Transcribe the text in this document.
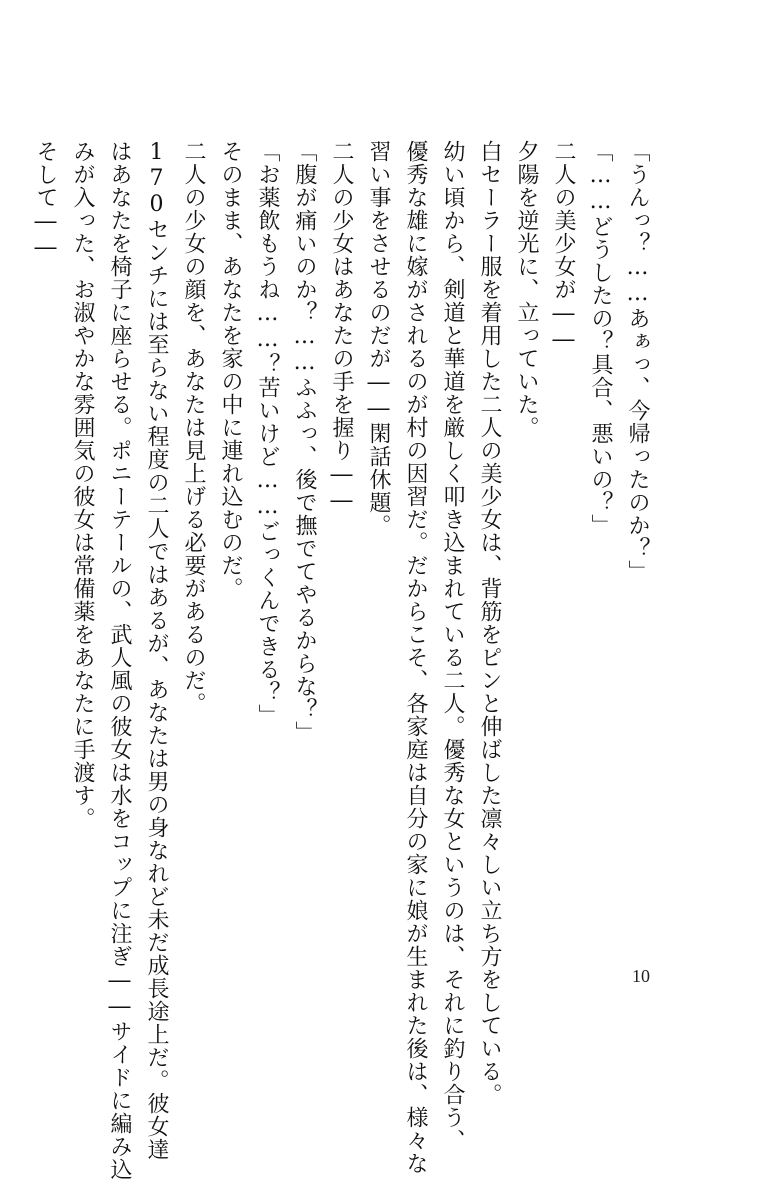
「うんっ？……あぁっ、今帰ったのか？」
「……どうしたの？具合、悪いの？」
二人の美少女が――
夕陽を逆光に、立っていた。
白セーラー服を着用した二人の美少女は、背筋をピンと伸ばした凛々しい立ち方をしている。
幼い頃から、剣道と華道を厳しく叩き込まれている二人。優秀な女というのは、それに釣り合う、
優秀な雄に嫁がされるのが村の因習だ。だからこそ、各家庭は自分の家に娘が生まれた後は、様々な
習い事をさせるのだが――閑話休題。
二人の少女はあなたの手を握り――
「腹が痛いのか？……ふふっ、後で撫でてやるからな？」
「お薬飲もうね……？苦いけど……ごっくんできる？」
そのまま、あなたを家の中に連れ込むのだ。
二人の少女の顔を、あなたは見上げる必要があるのだ。
170センチには至らない程度の二人ではあるが、あなたは男の身なれど未だ成長途上だ。彼女達
はあなたを椅子に座らせる。ポニーテールの、武人風の彼女は水をコップに注ぎ――サイドに編み込
みが入った、お淑やかな雰囲気の彼女は常備薬をあなたに手渡す。
そして――
10
